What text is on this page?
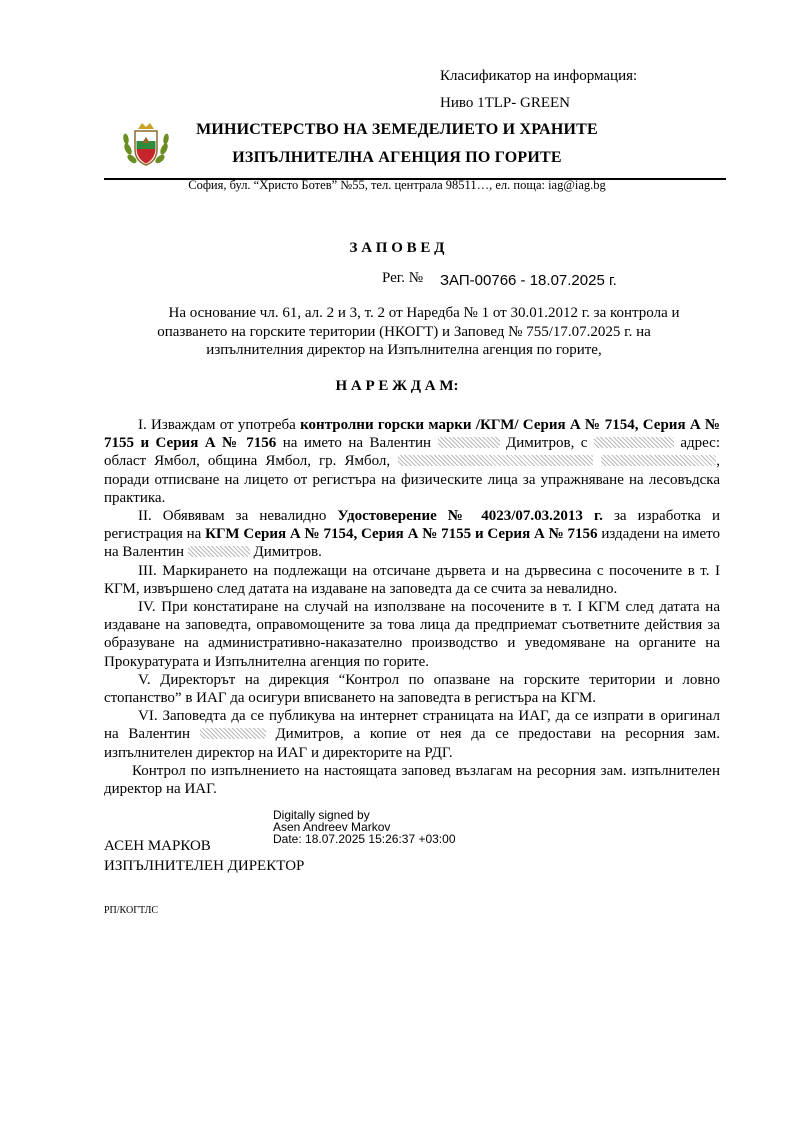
Класификатор на информация:
Ниво 1TLP- GREEN
МИНИСТЕРСТВО НА ЗЕМЕДЕЛИЕТО И ХРАНИТЕ
ИЗПЪЛНИТЕЛНА АГЕНЦИЯ ПО ГОРИТЕ
София, бул. “Христо Ботев” №55, тел. централа 98511…, ел. поща: iag@iag.bg
З А П О В Е Д
Рег. № ЗАП-00766 - 18.07.2025 г.
На основание чл. 61, ал. 2 и 3, т. 2 от Наредба № 1 от 30.01.2012 г. за контрола и
опазването на горските територии (НКОГТ) и Заповед № 755/17.07.2025 г. на
изпълнителния директор на Изпълнителна агенция по горите,
Н А Р Е Ж Д А М:
I. Изваждам от употреба контролни горски марки /КГМ/ Серия А № 7154, Серия А № 7155 и Серия А № 7156 на името на Валентин	Димитров, с	адрес: област Ямбол, община Ямбол, гр. Ямбол,	, поради отписване на лицето от регистъра на физическите лица за упражняване на лесовъдска практика.
II. Обявявам за невалидно Удостоверение № 4023/07.03.2013 г. за изработка и регистрация на КГМ Серия А № 7154, Серия А № 7155 и Серия А № 7156 издадени на името на Валентин	Димитров.
III. Маркирането на подлежащи на отсичане дървета и на дървесина с посочените в т. I КГМ, извършено след датата на издаване на заповедта да се счита за невалидно.
IV. При констатиране на случай на използване на посочените в т. I КГМ след датата на издаване на заповедта, оправомощените за това лица да предприемат съответните действия за образуване на административно-наказателно производство и уведомяване на органите на Прокуратурата и Изпълнителна агенция по горите.
V. Директорът на дирекция “Контрол по опазване на горските територии и ловно стопанство” в ИАГ да осигури вписването на заповедта в регистъра на КГМ.
VI. Заповедта да се публикува на интернет страницата на ИАГ, да се изпрати в оригинал на Валентин	Димитров, а копие от нея да се предостави на ресорния зам. изпълнителен директор на ИАГ и директорите на РДГ.
Контрол по изпълнението на настоящата заповед възлагам на ресорния зам. изпълнителен директор на ИАГ.
Digitally signed by
Asen Andreev Markov
Date: 18.07.2025 15:26:37 +03:00
АСЕН МАРКОВ
ИЗПЪЛНИТЕЛЕН ДИРЕКТОР
РП/КОГТЛС
